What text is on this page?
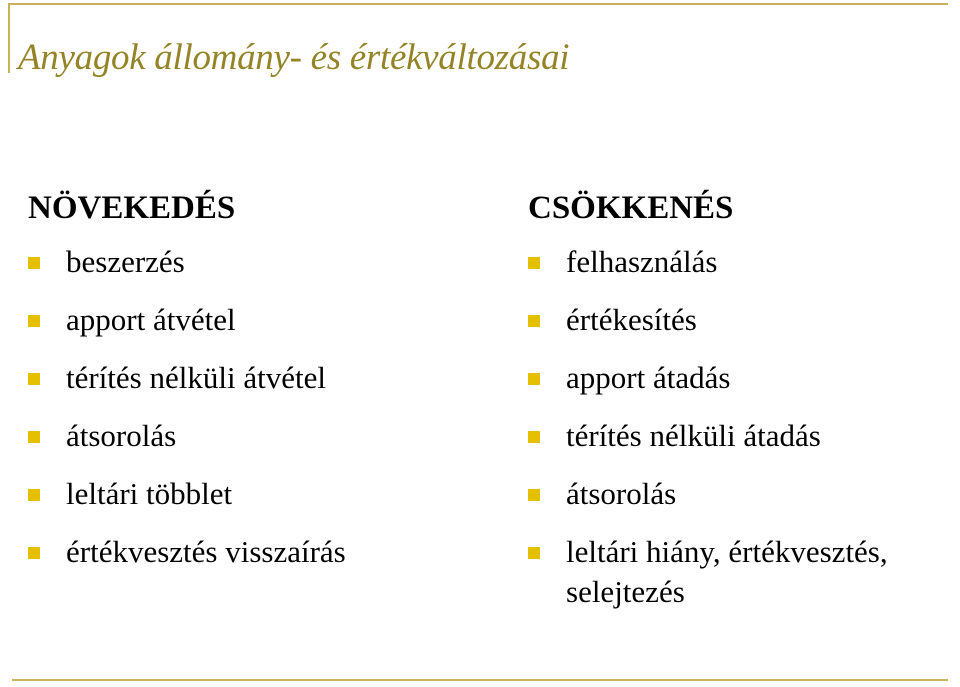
Anyagok állomány- és értékváltozásai
NÖVEKEDÉS
beszerzés
apport átvétel
térítés nélküli átvétel
átsorolás
leltári többlet
értékvesztés visszaírás
CSÖKKENÉS
felhasználás
értékesítés
apport átadás
térítés nélküli átadás
átsorolás
leltári hiány, értékvesztés, selejtezés
